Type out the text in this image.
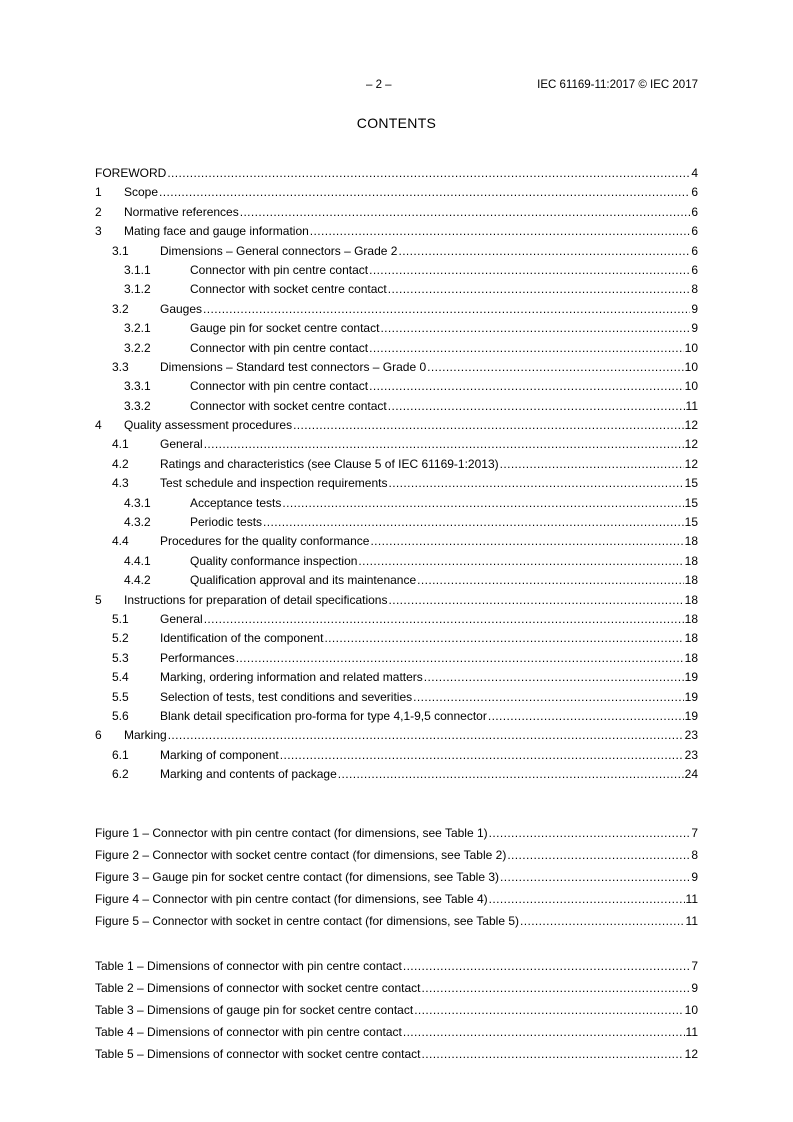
– 2 –	IEC 61169-11:2017 © IEC 2017
CONTENTS
FOREWORD .....	4
1	Scope .....	6
2	Normative references .....	6
3	Mating face and gauge information .....	6
3.1	Dimensions – General connectors – Grade 2 .....	6
3.1.1	Connector with pin centre contact .....	6
3.1.2	Connector with socket centre contact .....	8
3.2	Gauges .....	9
3.2.1	Gauge pin for socket centre contact .....	9
3.2.2	Connector with pin centre contact .....	10
3.3	Dimensions – Standard test connectors – Grade 0 .....	10
3.3.1	Connector with pin centre contact .....	10
3.3.2	Connector with socket centre contact .....	11
4	Quality assessment procedures .....	12
4.1	General .....	12
4.2	Ratings and characteristics (see Clause 5 of IEC 61169-1:2013) .....	12
4.3	Test schedule and inspection requirements .....	15
4.3.1	Acceptance tests .....	15
4.3.2	Periodic tests .....	15
4.4	Procedures for the quality conformance .....	18
4.4.1	Quality conformance inspection .....	18
4.4.2	Qualification approval and its maintenance .....	18
5	Instructions for preparation of detail specifications .....	18
5.1	General .....	18
5.2	Identification of the component .....	18
5.3	Performances .....	18
5.4	Marking, ordering information and related matters .....	19
5.5	Selection of tests, test conditions and severities .....	19
5.6	Blank detail specification pro-forma for type 4,1-9,5 connector .....	19
6	Marking .....	23
6.1	Marking of component .....	23
6.2	Marking and contents of package .....	24
Figure 1 – Connector with pin centre contact (for dimensions, see Table 1) .....	7
Figure 2 – Connector with socket centre contact (for dimensions, see Table 2) .....	8
Figure 3 – Gauge pin for socket centre contact (for dimensions, see Table 3) .....	9
Figure 4 – Connector with pin centre contact (for dimensions, see Table 4) .....	11
Figure 5 – Connector with socket in centre contact (for dimensions, see Table 5) .....	11
Table 1 – Dimensions of connector with pin centre contact .....	7
Table 2 – Dimensions of connector with socket centre contact .....	9
Table 3 – Dimensions of gauge pin for socket centre contact .....	10
Table 4 – Dimensions of connector with pin centre contact .....	11
Table 5 – Dimensions of connector with socket centre contact .....	12
